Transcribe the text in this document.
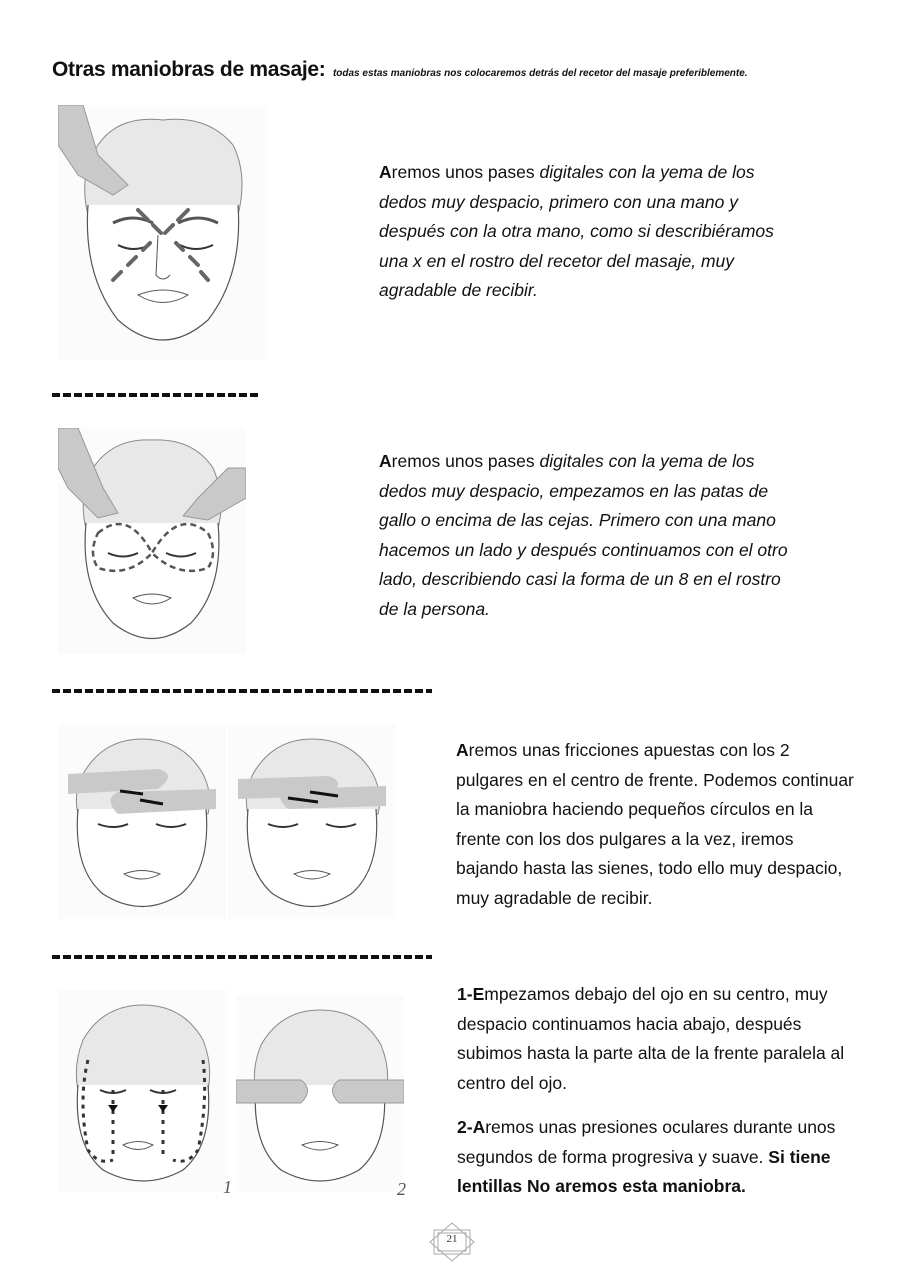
Otras maniobras de masaje: todas estas maniobras nos colocaremos detrás del recetor del masaje preferiblemente.

Aremos unos pases digitales con la yema de los dedos muy despacio, primero con una mano y después con la otra mano, como si describiéramos una x en el rostro del recetor del masaje, muy agradable de recibir.

Aremos unos pases digitales con la yema de los dedos muy despacio, empezamos en las patas de gallo o encima de las cejas. Primero con una mano hacemos un lado y después continuamos con el otro lado, describiendo casi la forma de un 8 en el rostro de la persona.

Aremos unas fricciones apuestas con los 2 pulgares en el centro de frente. Podemos continuar la maniobra haciendo pequeños círculos en la frente con los dos pulgares a la vez, iremos bajando hasta las sienes, todo ello muy despacio, muy agradable de recibir.

1	2

1-Empezamos debajo del ojo en su centro, muy despacio continuamos hacia abajo, después subimos hasta la parte alta de la frente paralela al centro del ojo.

2-Aremos unas presiones oculares durante unos segundos de forma progresiva y suave. Si tiene lentillas No aremos esta maniobra.

21
